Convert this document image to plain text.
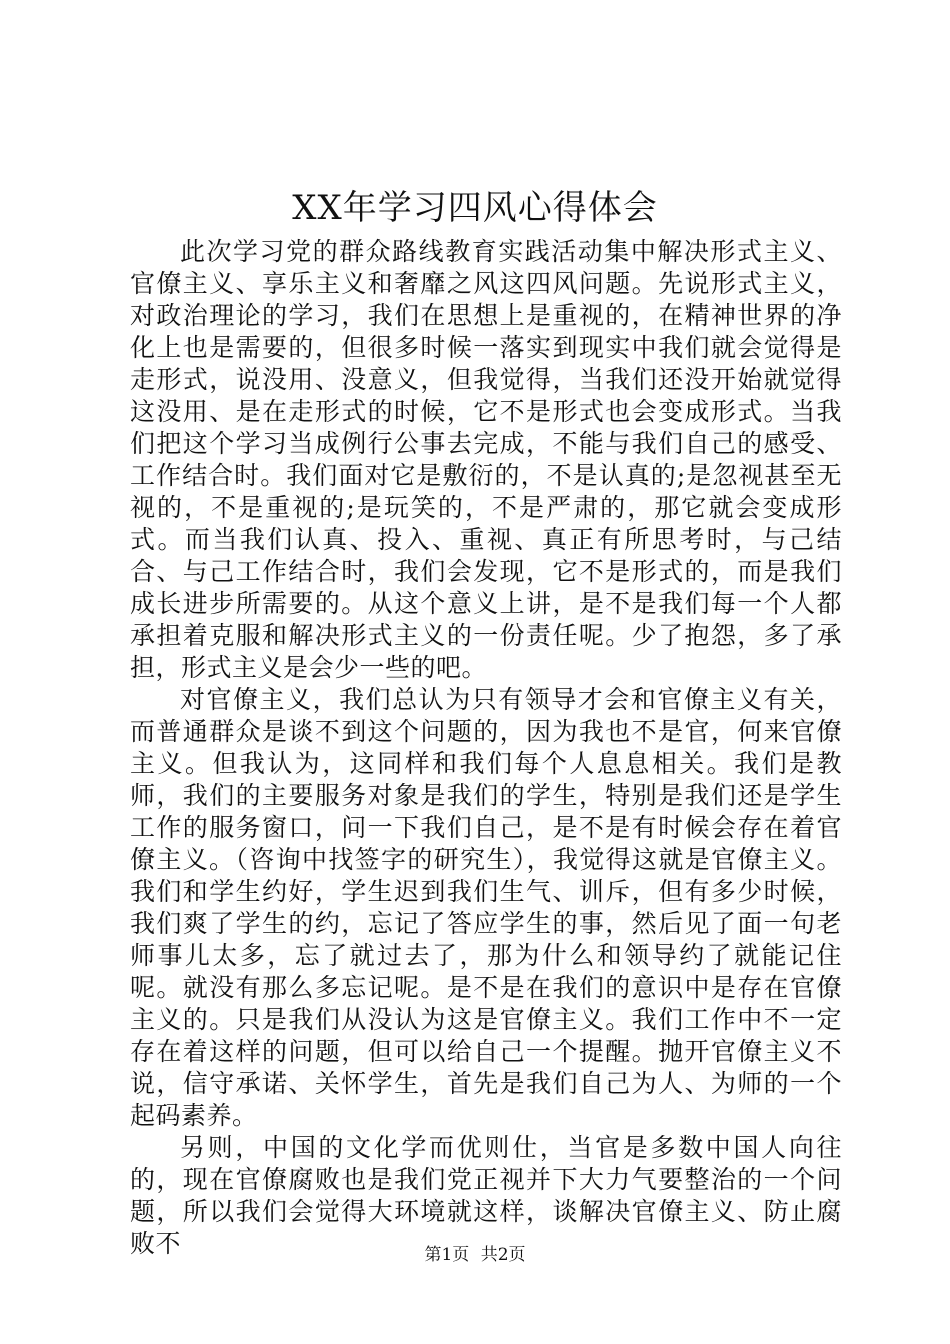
XX年学习四风心得体会

此次学习党的群众路线教育实践活动集中解决形式主义、官僚主义、享乐主义和奢靡之风这四风问题。先说形式主义，对政治理论的学习，我们在思想上是重视的，在精神世界的净化上也是需要的，但很多时候一落实到现实中我们就会觉得是走形式，说没用、没意义，但我觉得，当我们还没开始就觉得这没用、是在走形式的时候，它不是形式也会变成形式。当我们把这个学习当成例行公事去完成，不能与我们自己的感受、工作结合时。我们面对它是敷衍的，不是认真的;是忽视甚至无视的，不是重视的;是玩笑的，不是严肃的，那它就会变成形式。而当我们认真、投入、重视、真正有所思考时，与己结合、与己工作结合时，我们会发现，它不是形式的，而是我们成长进步所需要的。从这个意义上讲，是不是我们每一个人都承担着克服和解决形式主义的一份责任呢。少了抱怨，多了承担，形式主义是会少一些的吧。

对官僚主义，我们总认为只有领导才会和官僚主义有关，而普通群众是谈不到这个问题的，因为我也不是官，何来官僚主义。但我认为，这同样和我们每个人息息相关。我们是教师，我们的主要服务对象是我们的学生，特别是我们还是学生工作的服务窗口，问一下我们自己，是不是有时候会存在着官僚主义。（咨询中找签字的研究生），我觉得这就是官僚主义。我们和学生约好，学生迟到我们生气、训斥，但有多少时候，我们爽了学生的约，忘记了答应学生的事，然后见了面一句老师事儿太多，忘了就过去了，那为什么和领导约了就能记住呢。就没有那么多忘记呢。是不是在我们的意识中是存在官僚主义的。只是我们从没认为这是官僚主义。我们工作中不一定存在着这样的问题，但可以给自己一个提醒。抛开官僚主义不说，信守承诺、关怀学生，首先是我们自己为人、为师的一个起码素养。

另则，中国的文化学而优则仕，当官是多数中国人向往的，现在官僚腐败也是我们党正视并下大力气要整治的一个问题，所以我们会觉得大环境就这样，谈解决官僚主义、防止腐败不	第1页 共2页
